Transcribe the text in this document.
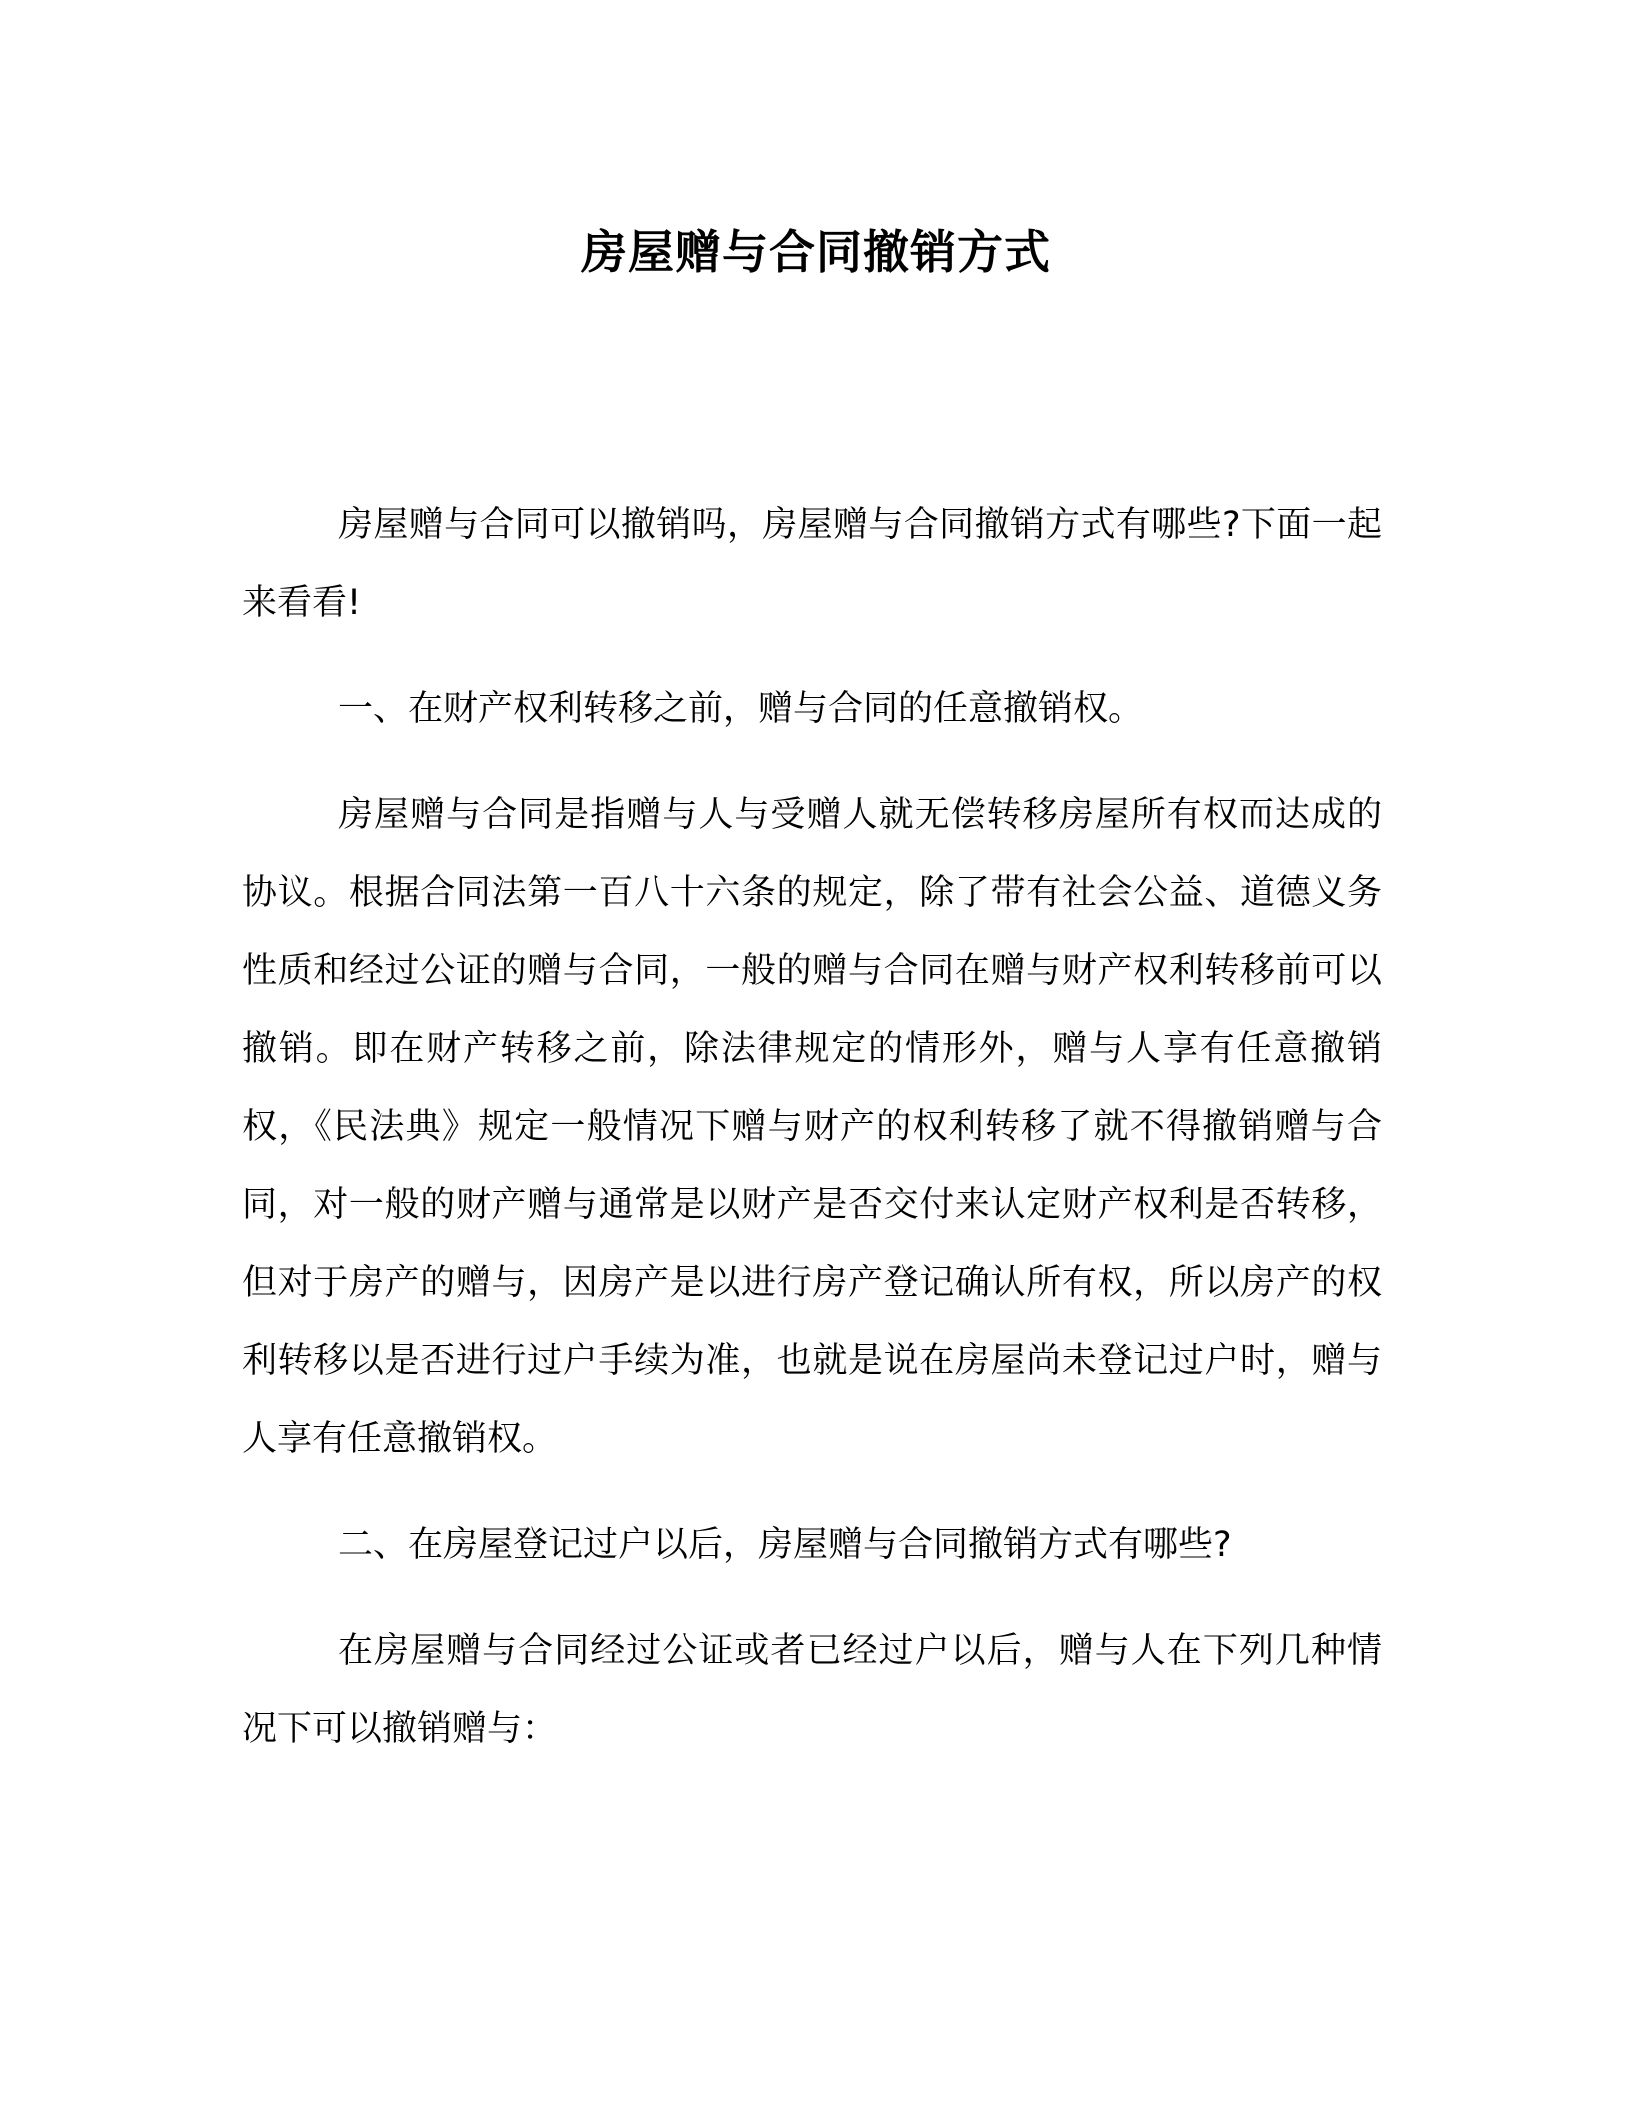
房屋赠与合同撤销方式

房屋赠与合同可以撤销吗，房屋赠与合同撤销方式有哪些?下面一起来看看!

一、在财产权利转移之前，赠与合同的任意撤销权。

房屋赠与合同是指赠与人与受赠人就无偿转移房屋所有权而达成的协议。根据合同法第一百八十六条的规定，除了带有社会公益、道德义务性质和经过公证的赠与合同，一般的赠与合同在赠与财产权利转移前可以撤销。即在财产转移之前，除法律规定的情形外，赠与人享有任意撤销权，《民法典》规定一般情况下赠与财产的权利转移了就不得撤销赠与合同，对一般的财产赠与通常是以财产是否交付来认定财产权利是否转移，但对于房产的赠与，因房产是以进行房产登记确认所有权，所以房产的权利转移以是否进行过户手续为准，也就是说在房屋尚未登记过户时，赠与人享有任意撤销权。

二、在房屋登记过户以后，房屋赠与合同撤销方式有哪些?

在房屋赠与合同经过公证或者已经过户以后，赠与人在下列几种情况下可以撤销赠与：
